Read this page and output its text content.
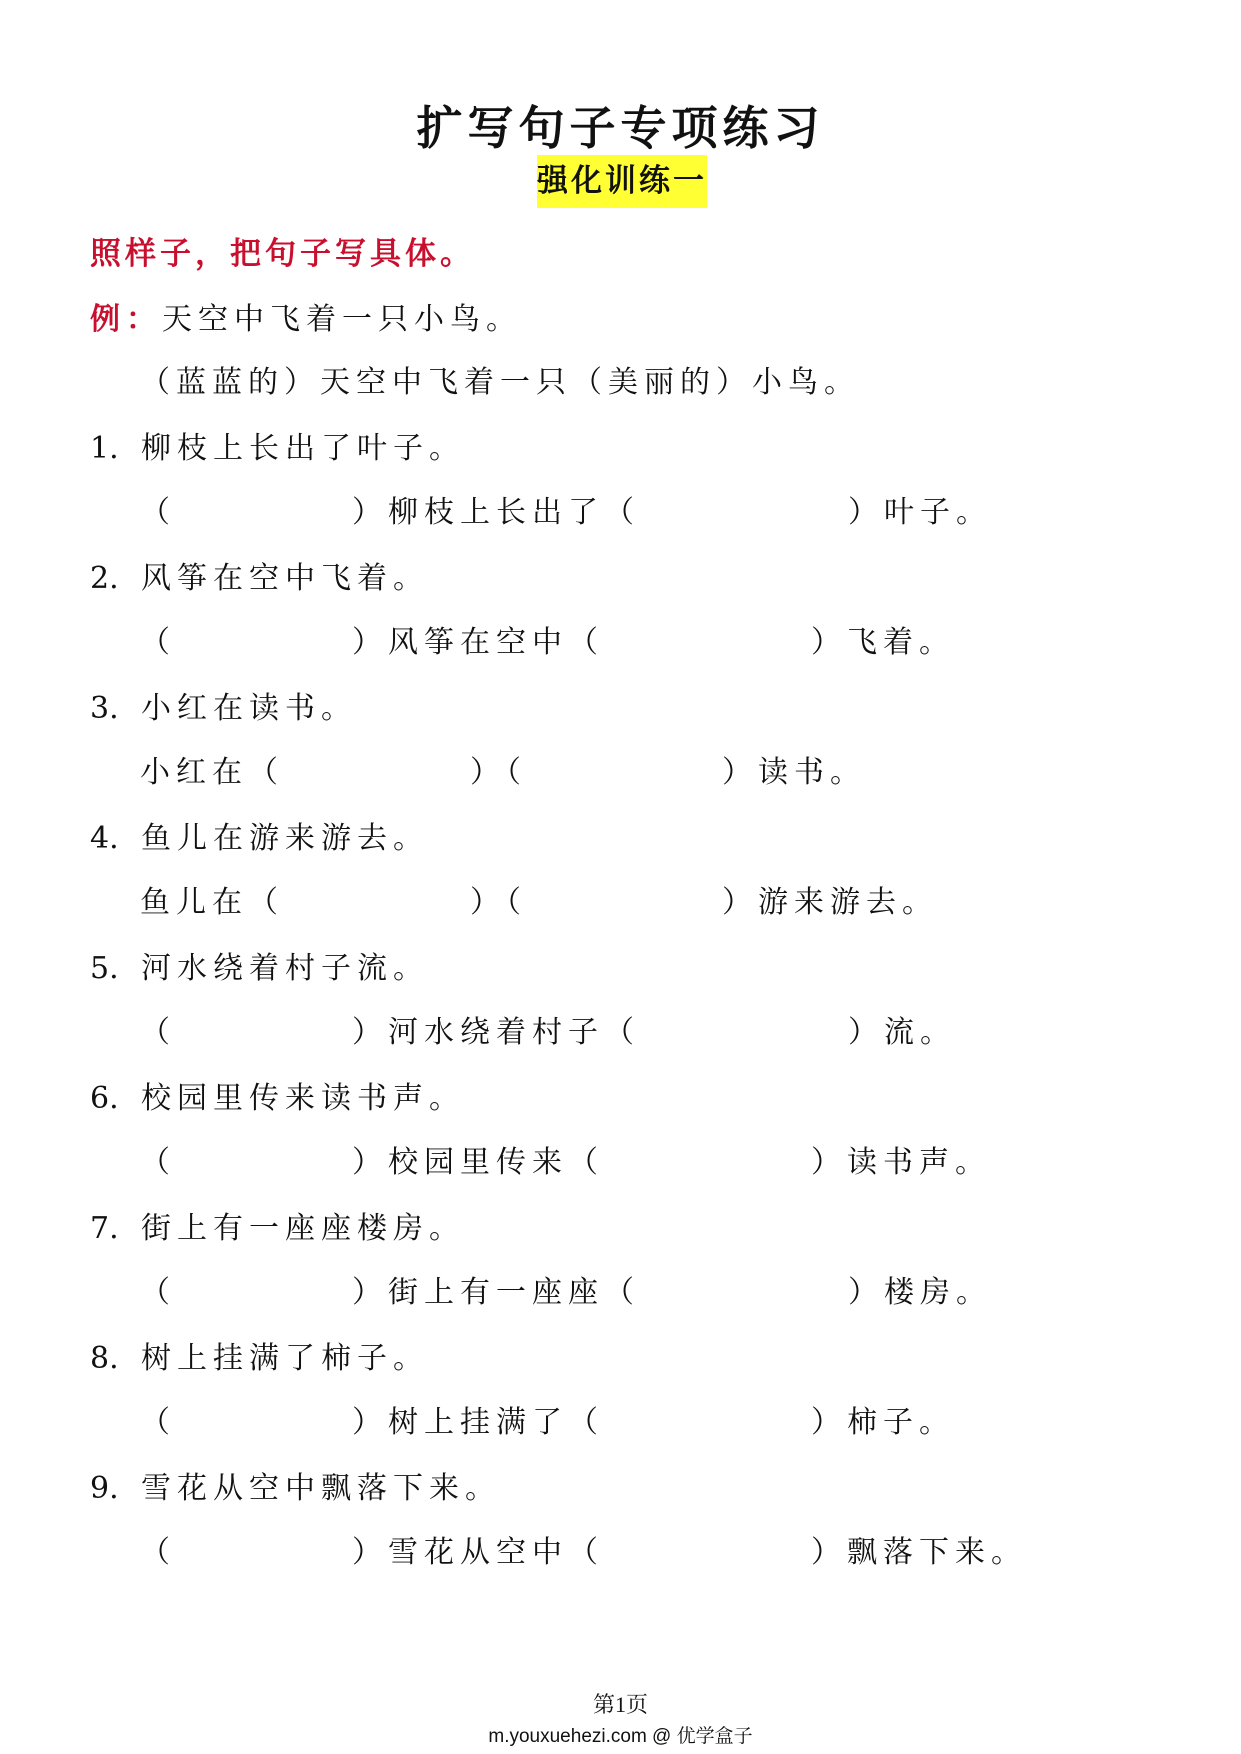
扩写句子专项练习
强化训练一
照样子，把句子写具体。
例：天空中飞着一只小鸟。
（蓝蓝的）天空中飞着一只（美丽的）小鸟。
1. 柳枝上长出了叶子。
（	）柳枝上长出了（	）叶子。
2. 风筝在空中飞着。
（	）风筝在空中（	）飞着。
3. 小红在读书。
小红在（	）（	）读书。
4. 鱼儿在游来游去。
鱼儿在（	）（	）游来游去。
5. 河水绕着村子流。
（	）河水绕着村子（	）流。
6. 校园里传来读书声。
（	）校园里传来（	）读书声。
7. 街上有一座座楼房。
（	）街上有一座座（	）楼房。
8. 树上挂满了柿子。
（	）树上挂满了（	）柿子。
9. 雪花从空中飘落下来。
（	）雪花从空中（	）飘落下来。
第1页
m.youxuehezi.com @ 优学盒子
